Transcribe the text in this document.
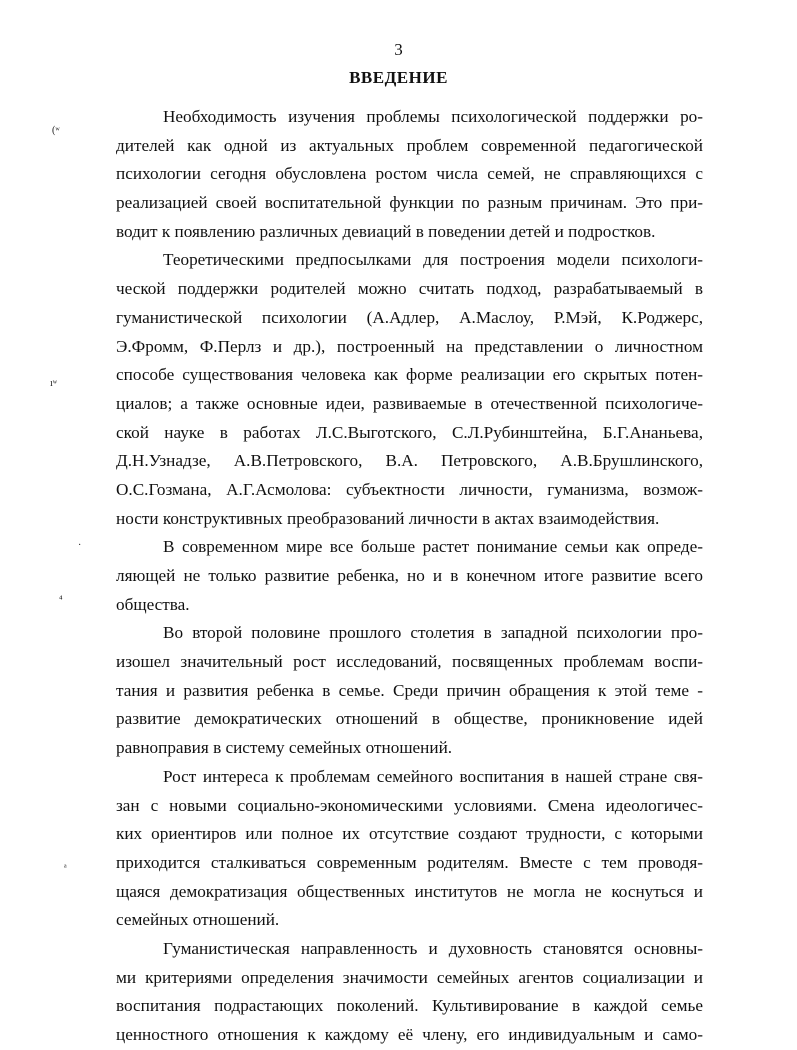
3
ВВЕДЕНИЕ
(ʷ
ıʷ
·
⁴
ᵃ
Необходимость изучения проблемы психологической поддержки ро-
дителей как одной из актуальных проблем современной педагогической
психологии сегодня обусловлена ростом числа семей, не справляющихся с
реализацией своей воспитательной функции по разным причинам. Это при-
водит к появлению различных девиаций в поведении детей и подростков.
Теоретическими предпосылками для построения модели психологи-
ческой поддержки родителей можно считать подход, разрабатываемый в
гуманистической психологии (А.Адлер, А.Маслоу, Р.Мэй, К.Роджерс,
Э.Фромм, Ф.Перлз и др.), построенный на представлении о личностном
способе существования человека как форме реализации его скрытых потен-
циалов; а также основные идеи, развиваемые в отечественной психологиче-
ской науке в работах Л.С.Выготского, С.Л.Рубинштейна, Б.Г.Ананьева,
Д.Н.Узнадзе, А.В.Петровского, В.А. Петровского, А.В.Брушлинского,
О.С.Гозмана, А.Г.Асмолова: субъектности личности, гуманизма, возмож-
ности конструктивных преобразований личности в актах взаимодействия.
В современном мире все больше растет понимание семьи как опреде-
ляющей не только развитие ребенка, но и в конечном итоге развитие всего
общества.
Во второй половине прошлого столетия в западной психологии про-
изошел значительный рост исследований, посвященных проблемам воспи-
тания и развития ребенка в семье. Среди причин обращения к этой теме -
развитие демократических отношений в обществе, проникновение идей
равноправия в систему семейных отношений.
Рост интереса к проблемам семейного воспитания в нашей стране свя-
зан с новыми социально-экономическими условиями. Смена идеологичес-
ких ориентиров или полное их отсутствие создают трудности, с которыми
приходится сталкиваться современным родителям. Вместе с тем проводя-
щаяся демократизация общественных институтов не могла не коснуться и
семейных отношений.
Гуманистическая направленность и духовность становятся основны-
ми критериями определения значимости семейных агентов социализации и
воспитания подрастающих поколений. Культивирование в каждой семье
ценностного отношения к каждому её члену, его индивидуальным и само-
